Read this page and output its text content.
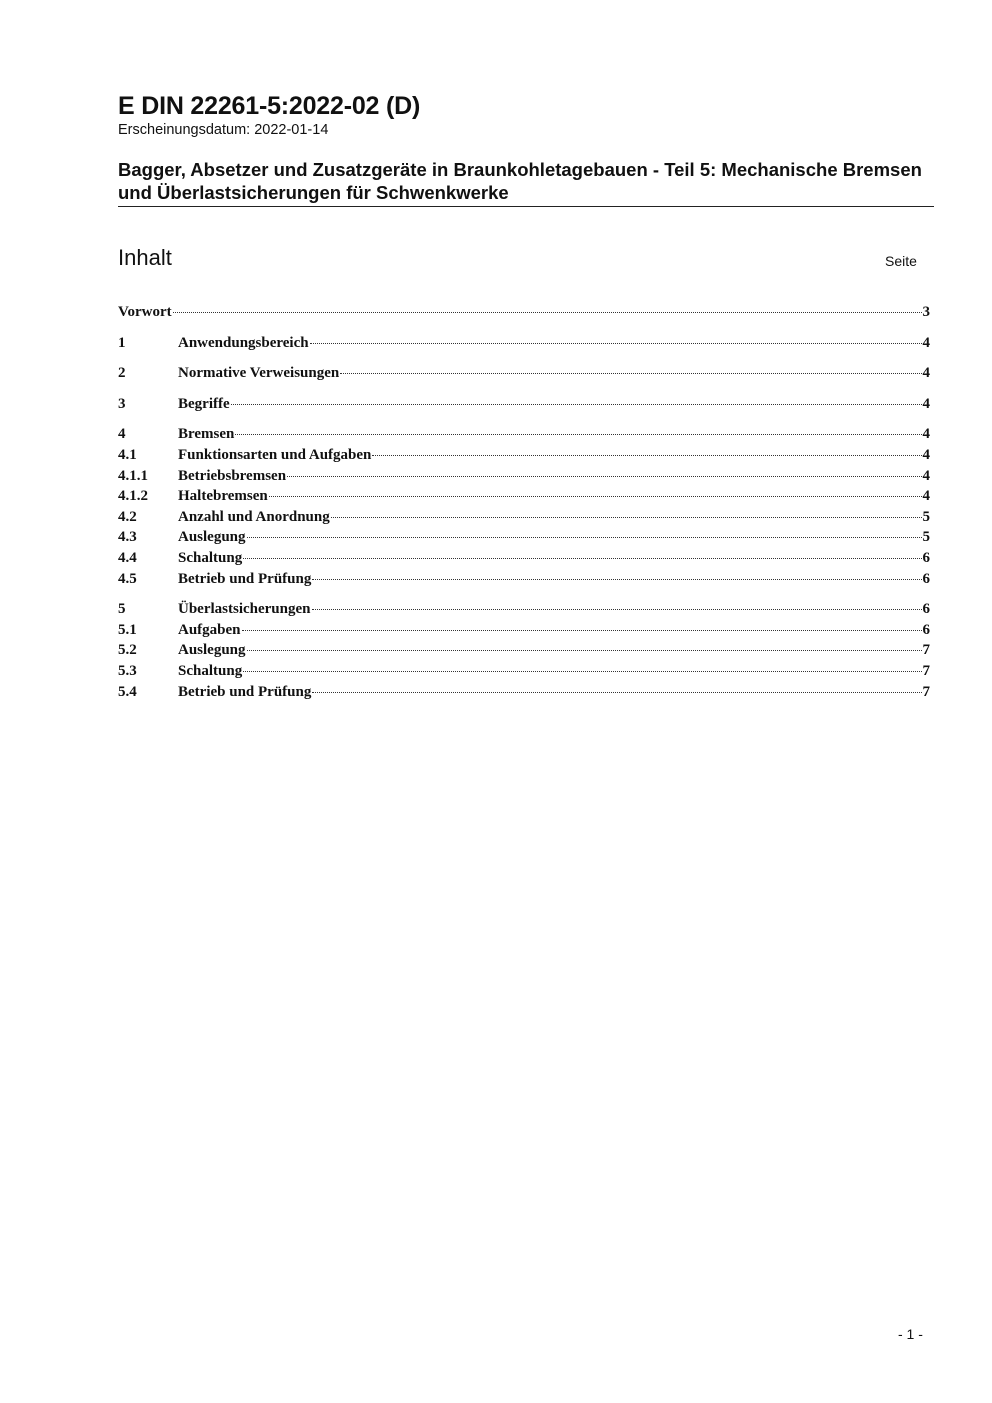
E DIN 22261-5:2022-02 (D)
Erscheinungsdatum: 2022-01-14
Bagger, Absetzer und Zusatzgeräte in Braunkohletagebauen - Teil 5: Mechanische Bremsen und Überlastsicherungen für Schwenkwerke
Inhalt	Seite
Vorwort	3
1	Anwendungsbereich	4
2	Normative Verweisungen	4
3	Begriffe	4
4	Bremsen	4
4.1	Funktionsarten und Aufgaben	4
4.1.1	Betriebsbremsen	4
4.1.2	Haltebremsen	4
4.2	Anzahl und Anordnung	5
4.3	Auslegung	5
4.4	Schaltung	6
4.5	Betrieb und Prüfung	6
5	Überlastsicherungen	6
5.1	Aufgaben	6
5.2	Auslegung	7
5.3	Schaltung	7
5.4	Betrieb und Prüfung	7
- 1 -
